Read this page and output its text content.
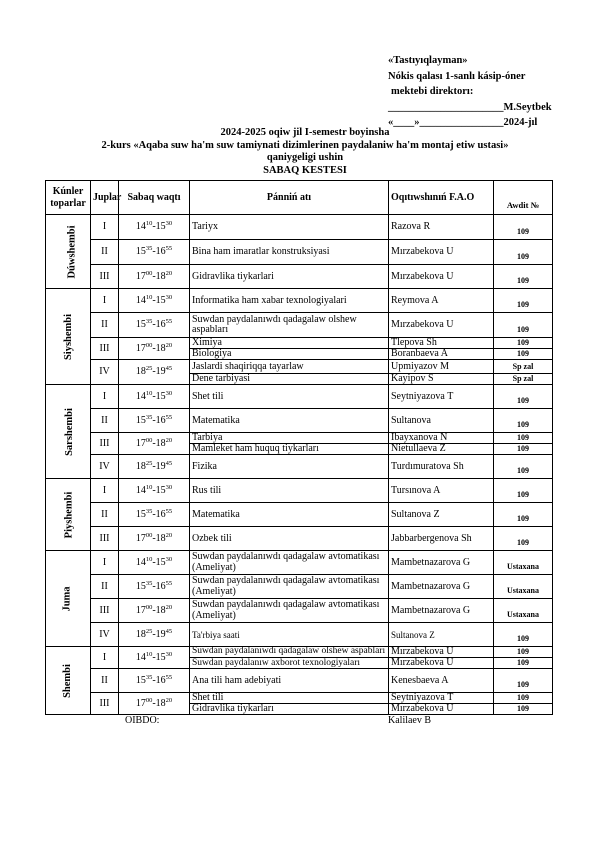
«Tastıyıqlayman»
Nókis qalası 1-sanlı kásip-óner
mektebi direktorı:
______________________M.Seytbek
«____»________________2024-jıl
2024-2025 oqiw jil I-semestr boyinsha
2-kurs «Aqaba suw ha'm suw tamiynati dizimlerinen paydalaniw ha'm montaj etiw ustasi»
qaniygeligi ushin
SABAQ KESTESI
Kúnler toparlar	Juplar	Sabaq waqtı	Pánniń atı	Oqıtıwshınıń F.A.O	Awdit №
Dúwshembi	I	$14^{10}-15^{30}$	Tariyx	Razova R	109
	II	$15^{35}-16^{55}$	Bina ham imaratlar konstruksiyasi	Mırzabekova U	109
	III	$17^{00}-18^{20}$	Gidravlika tiykarlari	Mırzabekova U	109
Siyshembi	I	$14^{10}-15^{30}$	Informatika ham xabar texnologiyalari	Reymova A	109
	II	$15^{35}-16^{55}$	Suwdan paydalanıwdı qadagalaw olshew aspabları	Mırzabekova U	109
	III	$17^{00}-18^{20}$	Ximiya	Tlepova Sh	109
			Biologiya	Boranbaeva A	109
	IV	$18^{25}-19^{45}$	Jaslardi shaqiriqqa tayarlaw	Upmiyazov M	Sp zal
			Dene tarbiyasi	Kayipov S	Sp zal
Sarshembi	I	$14^{10}-15^{30}$	Shet tili	Seytniyazova T	109
	II	$15^{35}-16^{55}$	Matematika	Sultanova	109
	III	$17^{00}-18^{20}$	Tarbiya	Ibayxanova N	109
			Mamleket ham huquq tiykarları	Nietullaeva Z	109
	IV	$18^{25}-19^{45}$	Fizika	Turdımuratova Sh	109
Piyshembi	I	$14^{10}-15^{30}$	Rus tili	Tursınova A	109
	II	$15^{35}-16^{55}$	Matematika	Sultanova Z	109
	III	$17^{00}-18^{20}$	Ozbek tili	Jabbarbergenova Sh	109
Juma	I	$14^{10}-15^{30}$	Suwdan paydalanıwdı qadagalaw avtomatikası (Ameliyat)	Mambetnazarova G	Ustaxana
	II	$15^{35}-16^{55}$	Suwdan paydalanıwdı qadagalaw avtomatikası (Ameliyat)	Mambetnazarova G	Ustaxana
	III	$17^{00}-18^{20}$	Suwdan paydalanıwdı qadagalaw avtomatikası (Ameliyat)	Mambetnazarova G	Ustaxana
	IV	$18^{25}-19^{45}$	Ta'rbiya saati	Sultanova Z	109
Shembi	I	$14^{10}-15^{30}$	Suwdan paydalanıwdı qadagalaw olshew aspabları	Mırzabekova U	109
			Suwdan paydalanıw axborot texnologiyaları	Mırzabekova U	109
	II	$15^{35}-16^{55}$	Ana tili ham adebiyati	Kenesbaeva A	109
	III	$17^{00}-18^{20}$	Shet tili	Seytniyazova T	109
			Gidravlika tiykarları	Mırzabekova U	109
OIBDO:	Kalilaev B
